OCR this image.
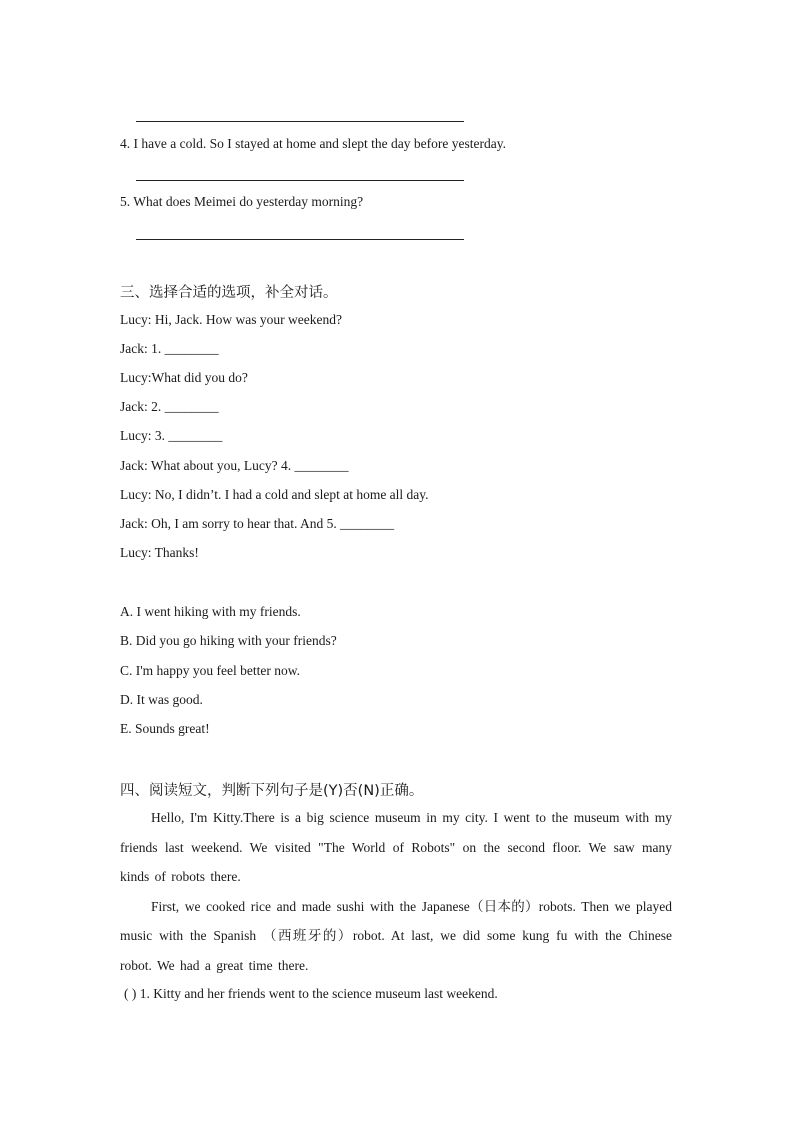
4. I have a cold. So I stayed at home and slept the day before yesterday.
5. What does Meimei do yesterday morning?
三、选择合适的选项，补全对话。
Lucy: Hi, Jack. How was your weekend?
Jack: 1. ________
Lucy:What did you do?
Jack: 2. ________
Lucy: 3. ________
Jack: What about you, Lucy? 4. ________
Lucy: No, I didn’t. I had a cold and slept at home all day.
Jack: Oh, I am sorry to hear that. And 5. ________
Lucy: Thanks!
A. I went hiking with my friends.
B. Did you go hiking with your friends?
C. I'm happy you feel better now.
D. It was good.
E. Sounds great!
四、阅读短文，判断下列句子是(Y)否(N)正确。

Hello, I'm Kitty.There is a big science museum in my city. I went to the museum with my friends last weekend. We visited "The World of Robots" on the second floor. We saw many kinds of robots there.

First, we cooked rice and made sushi with the Japanese（日本的）robots. Then we played music with the Spanish （西班牙的）robot. At last, we did some kung fu with the Chinese robot. We had a great time there.

( ) 1. Kitty and her friends went to the science museum last weekend.
